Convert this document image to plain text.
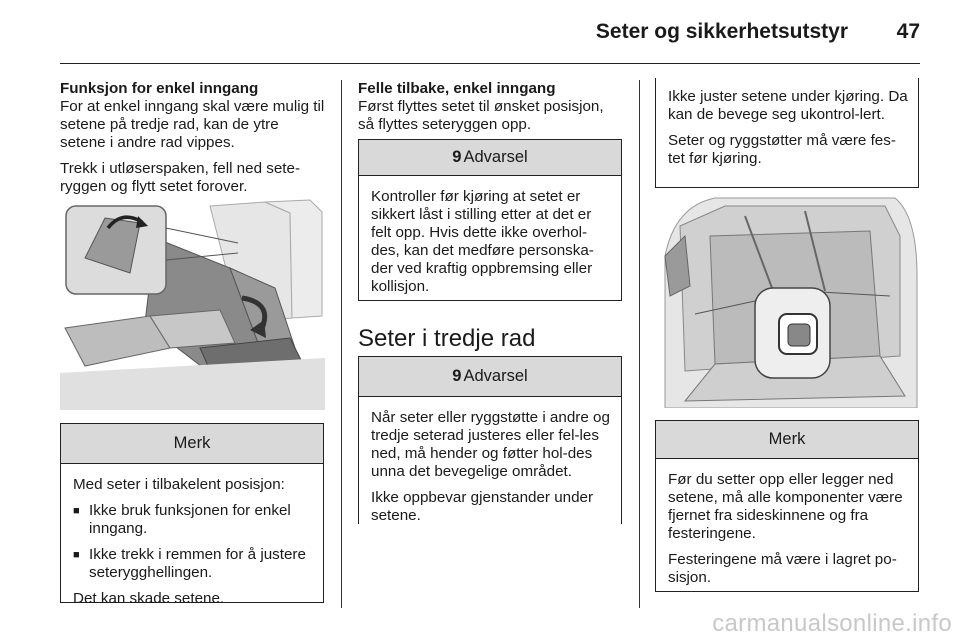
Seter og sikkerhetsutstyr 47

Funksjon for enkel inngang

For at enkel inngang skal være mulig til setene på tredje rad, kan de ytre setene i andre rad vippes.

Trekk i utløserspaken, fell ned sete-ryggen og flytt setet forover.

Merk

Med seter i tilbakelent posisjon:

■ Ikke bruk funksjonen for enkel inngang.
■ Ikke trekk i remmen for å justere seterygghellingen.

Det kan skade setene.

Felle tilbake, enkel inngang

Først flyttes setet til ønsket posisjon, så flyttes seteryggen opp.

9 Advarsel

Kontroller før kjøring at setet er sikkert låst i stilling etter at det er felt opp. Hvis dette ikke overhol-des, kan det medføre personska-der ved kraftig oppbremsing eller kollisjon.

Seter i tredje rad
9 Advarsel

Når seter eller ryggstøtte i andre og tredje seterad justeres eller fel-les ned, må hender og føtter hol-des unna det bevegelige området.

Ikke oppbevar gjenstander under setene.

Ikke juster setene under kjøring. Da kan de bevege seg ukontrol-lert.

Seter og ryggstøtter må være fes-tet før kjøring.

Merk

Før du setter opp eller legger ned setene, må alle komponenter være fjernet fra sideskinnene og fra festeringene.

Festeringene må være i lagret po-sisjon.

carmanualsonline.info
